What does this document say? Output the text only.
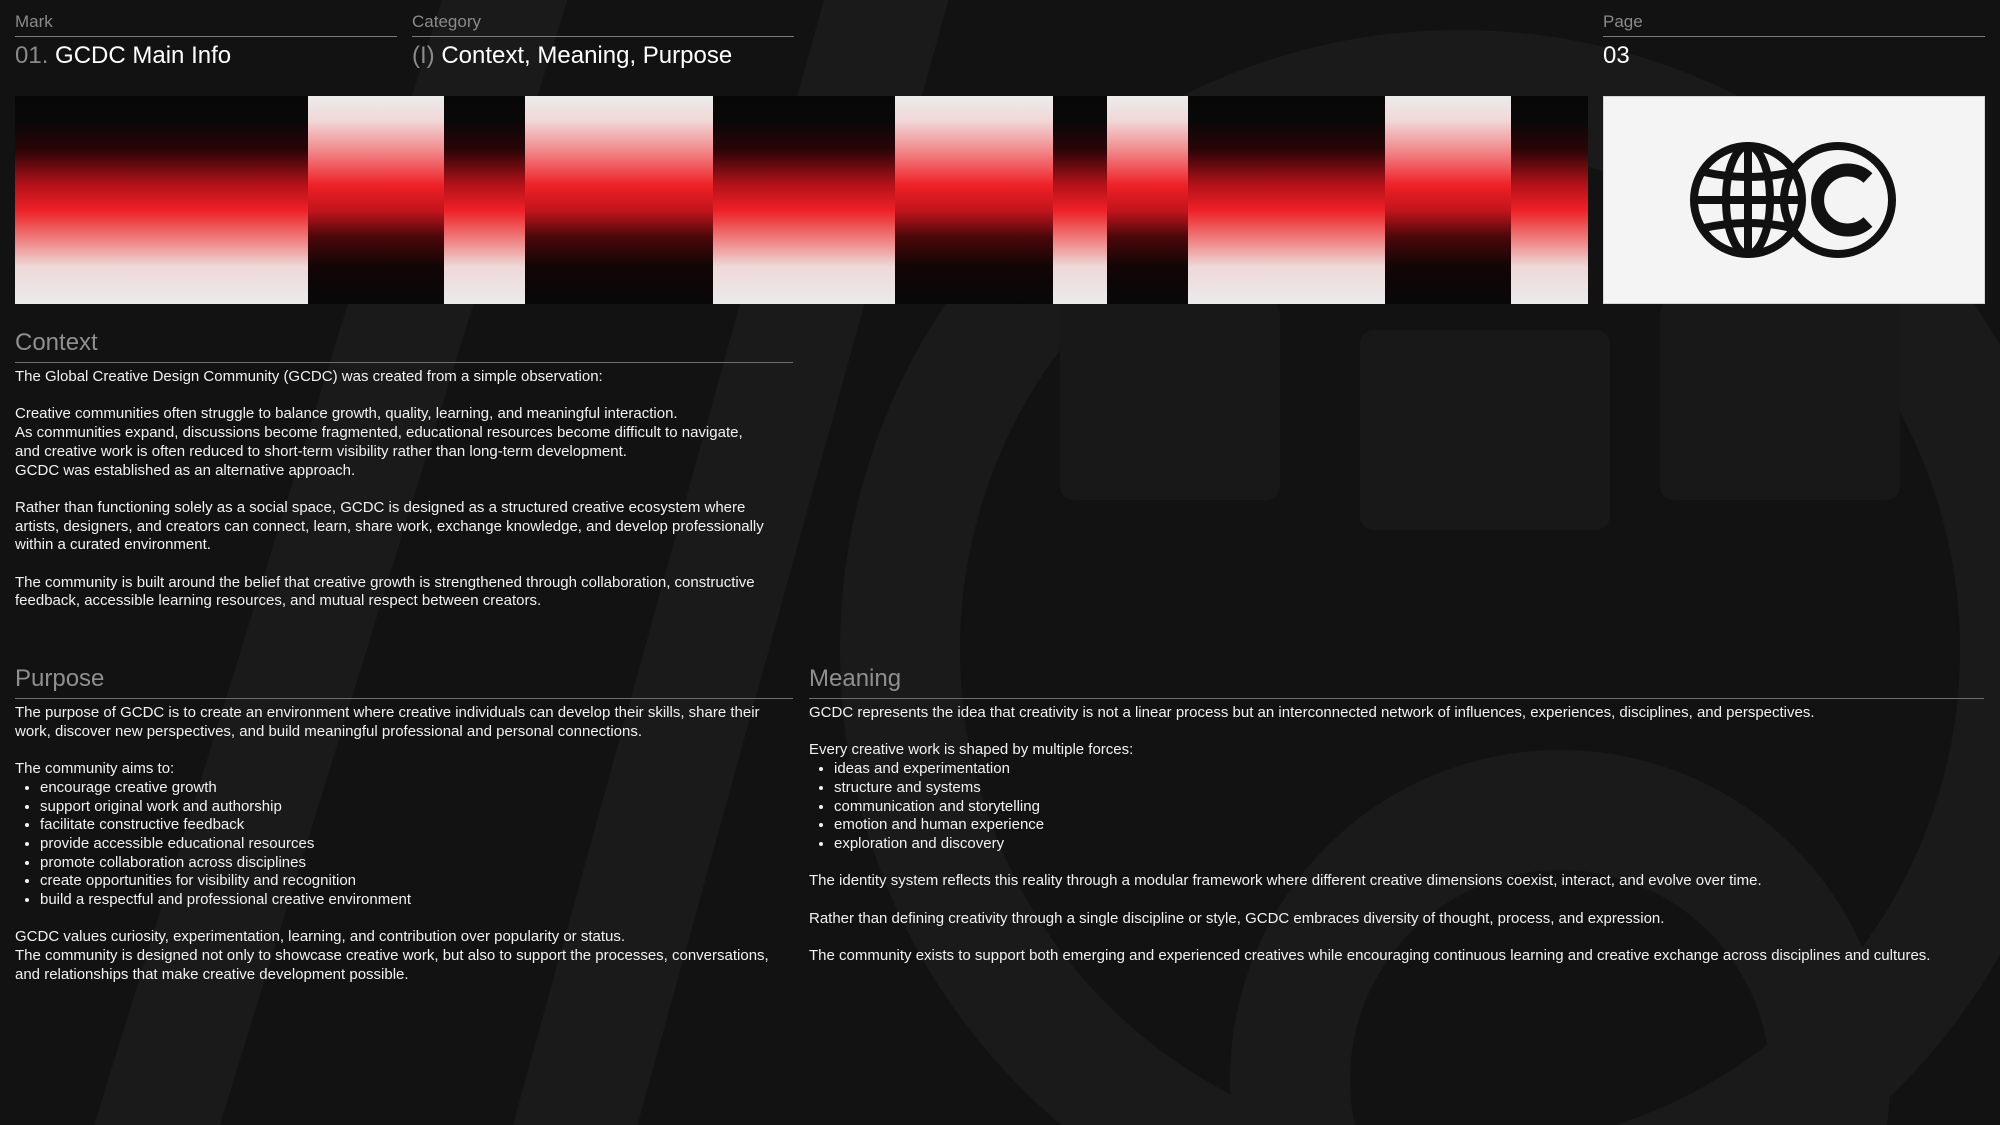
Mark
01. GCDC Main Info
Category
(I) Context, Meaning, Purpose
Page
03
Context

The Global Creative Design Community (GCDC) was created from a simple observation:

Creative communities often struggle to balance growth, quality, learning, and meaningful interaction.
As communities expand, discussions become fragmented, educational resources become difficult to navigate,
and creative work is often reduced to short-term visibility rather than long-term development.
GCDC was established as an alternative approach.

Rather than functioning solely as a social space, GCDC is designed as a structured creative ecosystem where artists, designers, and creators can connect, learn, share work, exchange knowledge, and develop professionally within a curated environment.

The community is built around the belief that creative growth is strengthened through collaboration, constructive feedback, accessible learning resources, and mutual respect between creators.

Purpose

The purpose of GCDC is to create an environment where creative individuals can develop their skills, share their work, discover new perspectives, and build meaningful professional and personal connections.

The community aims to:
• encourage creative growth
• support original work and authorship
• facilitate constructive feedback
• provide accessible educational resources
• promote collaboration across disciplines
• create opportunities for visibility and recognition
• build a respectful and professional creative environment

GCDC values curiosity, experimentation, learning, and contribution over popularity or status.
The community is designed not only to showcase creative work, but also to support the processes, conversations, and relationships that make creative development possible.

Meaning

GCDC represents the idea that creativity is not a linear process but an interconnected network of influences, experiences, disciplines, and perspectives.

Every creative work is shaped by multiple forces:
• ideas and experimentation
• structure and systems
• communication and storytelling
• emotion and human experience
• exploration and discovery

The identity system reflects this reality through a modular framework where different creative dimensions coexist, interact, and evolve over time.

Rather than defining creativity through a single discipline or style, GCDC embraces diversity of thought, process, and expression.

The community exists to support both emerging and experienced creatives while encouraging continuous learning and creative exchange across disciplines and cultures.
